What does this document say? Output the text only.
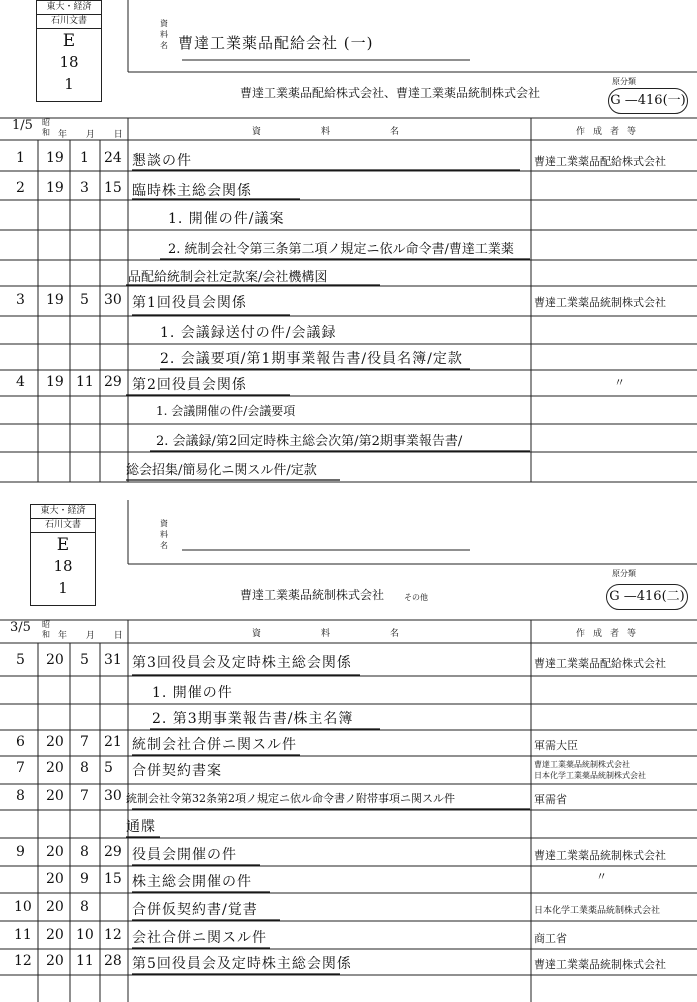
東大・経済
石川文書
E
18
1
資料名 曹達工業薬品配給会社 (一)
曹達工業薬品配給株式会社、曹達工業薬品統制株式会社
原分類
G —416(一)
1/5 昭和 年 月 日	資料名	作成者等
1 19 1 24 懇談の件	曹達工業薬品配給株式会社
2 19 3 15 臨時株主総会関係
1. 開催の件/議案
2. 統制会社令第三条第二項ノ規定ニ依ル命令書/曹達工業薬
品配給統制会社定款案/会社機構図
3 19 5 30 第1回役員会関係	曹達工業薬品統制株式会社
1. 会議録送付の件/会議録
2. 会議要項/第1期事業報告書/役員名簿/定款
4 19 11 29 第2回役員会関係	〃
1. 会議開催の件/会議要項
2. 会議録/第2回定時株主総会次第/第2期事業報告書/
総会招集/簡易化ニ関スル件/定款
東大・経済
石川文書
E
18
1
資料名
曹達工業薬品統制株式会社 その他
原分類
G —416(二)
3/5 昭和 年 月 日	資料名	作成者等
5 20 5 31 第3回役員会及定時株主総会関係	曹達工業薬品配給株式会社
1. 開催の件
2. 第3期事業報告書/株主名簿
6 20 7 21 統制会社合併ニ関スル件	軍需大臣
7 20 8 5 合併契約書案	曹達工業薬品統制株式会社
日本化学工業薬品統制株式会社
8 20 7 30 統制会社令第32条第2項ノ規定ニ依ル命令書ノ附帯事項ニ関スル件	軍需省
通牒
9 20 8 29 役員会開催の件	曹達工業薬品統制株式会社
20 9 15 株主総会開催の件	〃
10 20 8	合併仮契約書/覚書	日本化学工業薬品統制株式会社
11 20 10 12 会社合併ニ関スル件	商工省
12 20 11 28 第5回役員会及定時株主総会関係	曹達工業薬品統制株式会社
